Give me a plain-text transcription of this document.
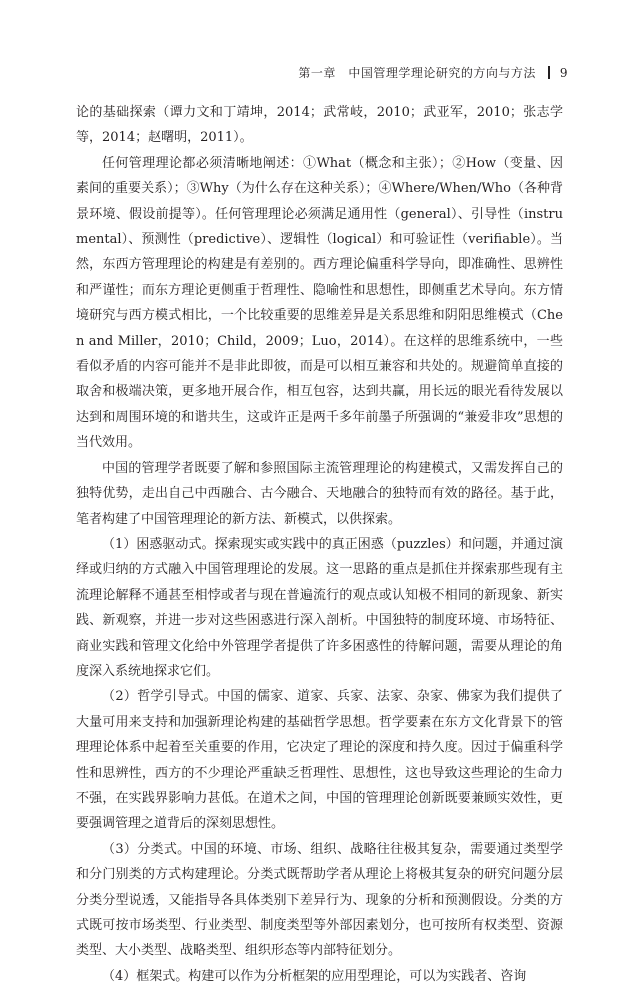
第一章　中国管理学理论研究的方向与方法 9

论的基础探索（谭力文和丁靖坤，2014；武常岐，2010；武亚军，2010；张志学等，2014；赵曙明，2011）。

任何管理理论都必须清晰地阐述：①What（概念和主张）；②How（变量、因素间的重要关系）；③Why（为什么存在这种关系）；④Where/When/Who（各种背景环境、假设前提等）。任何管理理论必须满足通用性（general）、引导性（instrumental）、预测性（predictive）、逻辑性（logical）和可验证性（verifiable）。当然，东西方管理理论的构建是有差别的。西方理论偏重科学导向，即准确性、思辨性和严谨性；而东方理论更侧重于哲理性、隐喻性和思想性，即侧重艺术导向。东方情境研究与西方模式相比，一个比较重要的思维差异是关系思维和阴阳思维模式（Chen and Miller，2010；Child，2009；Luo，2014）。在这样的思维系统中，一些看似矛盾的内容可能并不是非此即彼，而是可以相互兼容和共处的。规避简单直接的取舍和极端决策，更多地开展合作，相互包容，达到共赢，用长远的眼光看待发展以达到和周围环境的和谐共生，这或许正是两千多年前墨子所强调的“兼爱非攻”思想的当代效用。

中国的管理学者既要了解和参照国际主流管理理论的构建模式，又需发挥自己的独特优势，走出自己中西融合、古今融合、天地融合的独特而有效的路径。基于此，笔者构建了中国管理理论的新方法、新模式，以供探索。

（1）困惑驱动式。探索现实或实践中的真正困惑（puzzles）和问题，并通过演绎或归纳的方式融入中国管理理论的发展。这一思路的重点是抓住并探索那些现有主流理论解释不通甚至相悖或者与现在普遍流行的观点或认知极不相同的新现象、新实践、新观察，并进一步对这些困惑进行深入剖析。中国独特的制度环境、市场特征、商业实践和管理文化给中外管理学者提供了许多困惑性的待解问题，需要从理论的角度深入系统地探求它们。

（2）哲学引导式。中国的儒家、道家、兵家、法家、杂家、佛家为我们提供了大量可用来支持和加强新理论构建的基础哲学思想。哲学要素在东方文化背景下的管理理论体系中起着至关重要的作用，它决定了理论的深度和持久度。因过于偏重科学性和思辨性，西方的不少理论严重缺乏哲理性、思想性，这也导致这些理论的生命力不强，在实践界影响力甚低。在道术之间，中国的管理理论创新既要兼顾实效性，更要强调管理之道背后的深刻思想性。

（3）分类式。中国的环境、市场、组织、战略往往极其复杂，需要通过类型学和分门别类的方式构建理论。分类式既帮助学者从理论上将极其复杂的研究问题分层分类分型说透，又能指导各具体类别下差异行为、现象的分析和预测假设。分类的方式既可按市场类型、行业类型、制度类型等外部因素划分，也可按所有权类型、资源类型、大小类型、战略类型、组织形态等内部特征划分。

（4）框架式。构建可以作为分析框架的应用型理论，可以为实践者、咨询
